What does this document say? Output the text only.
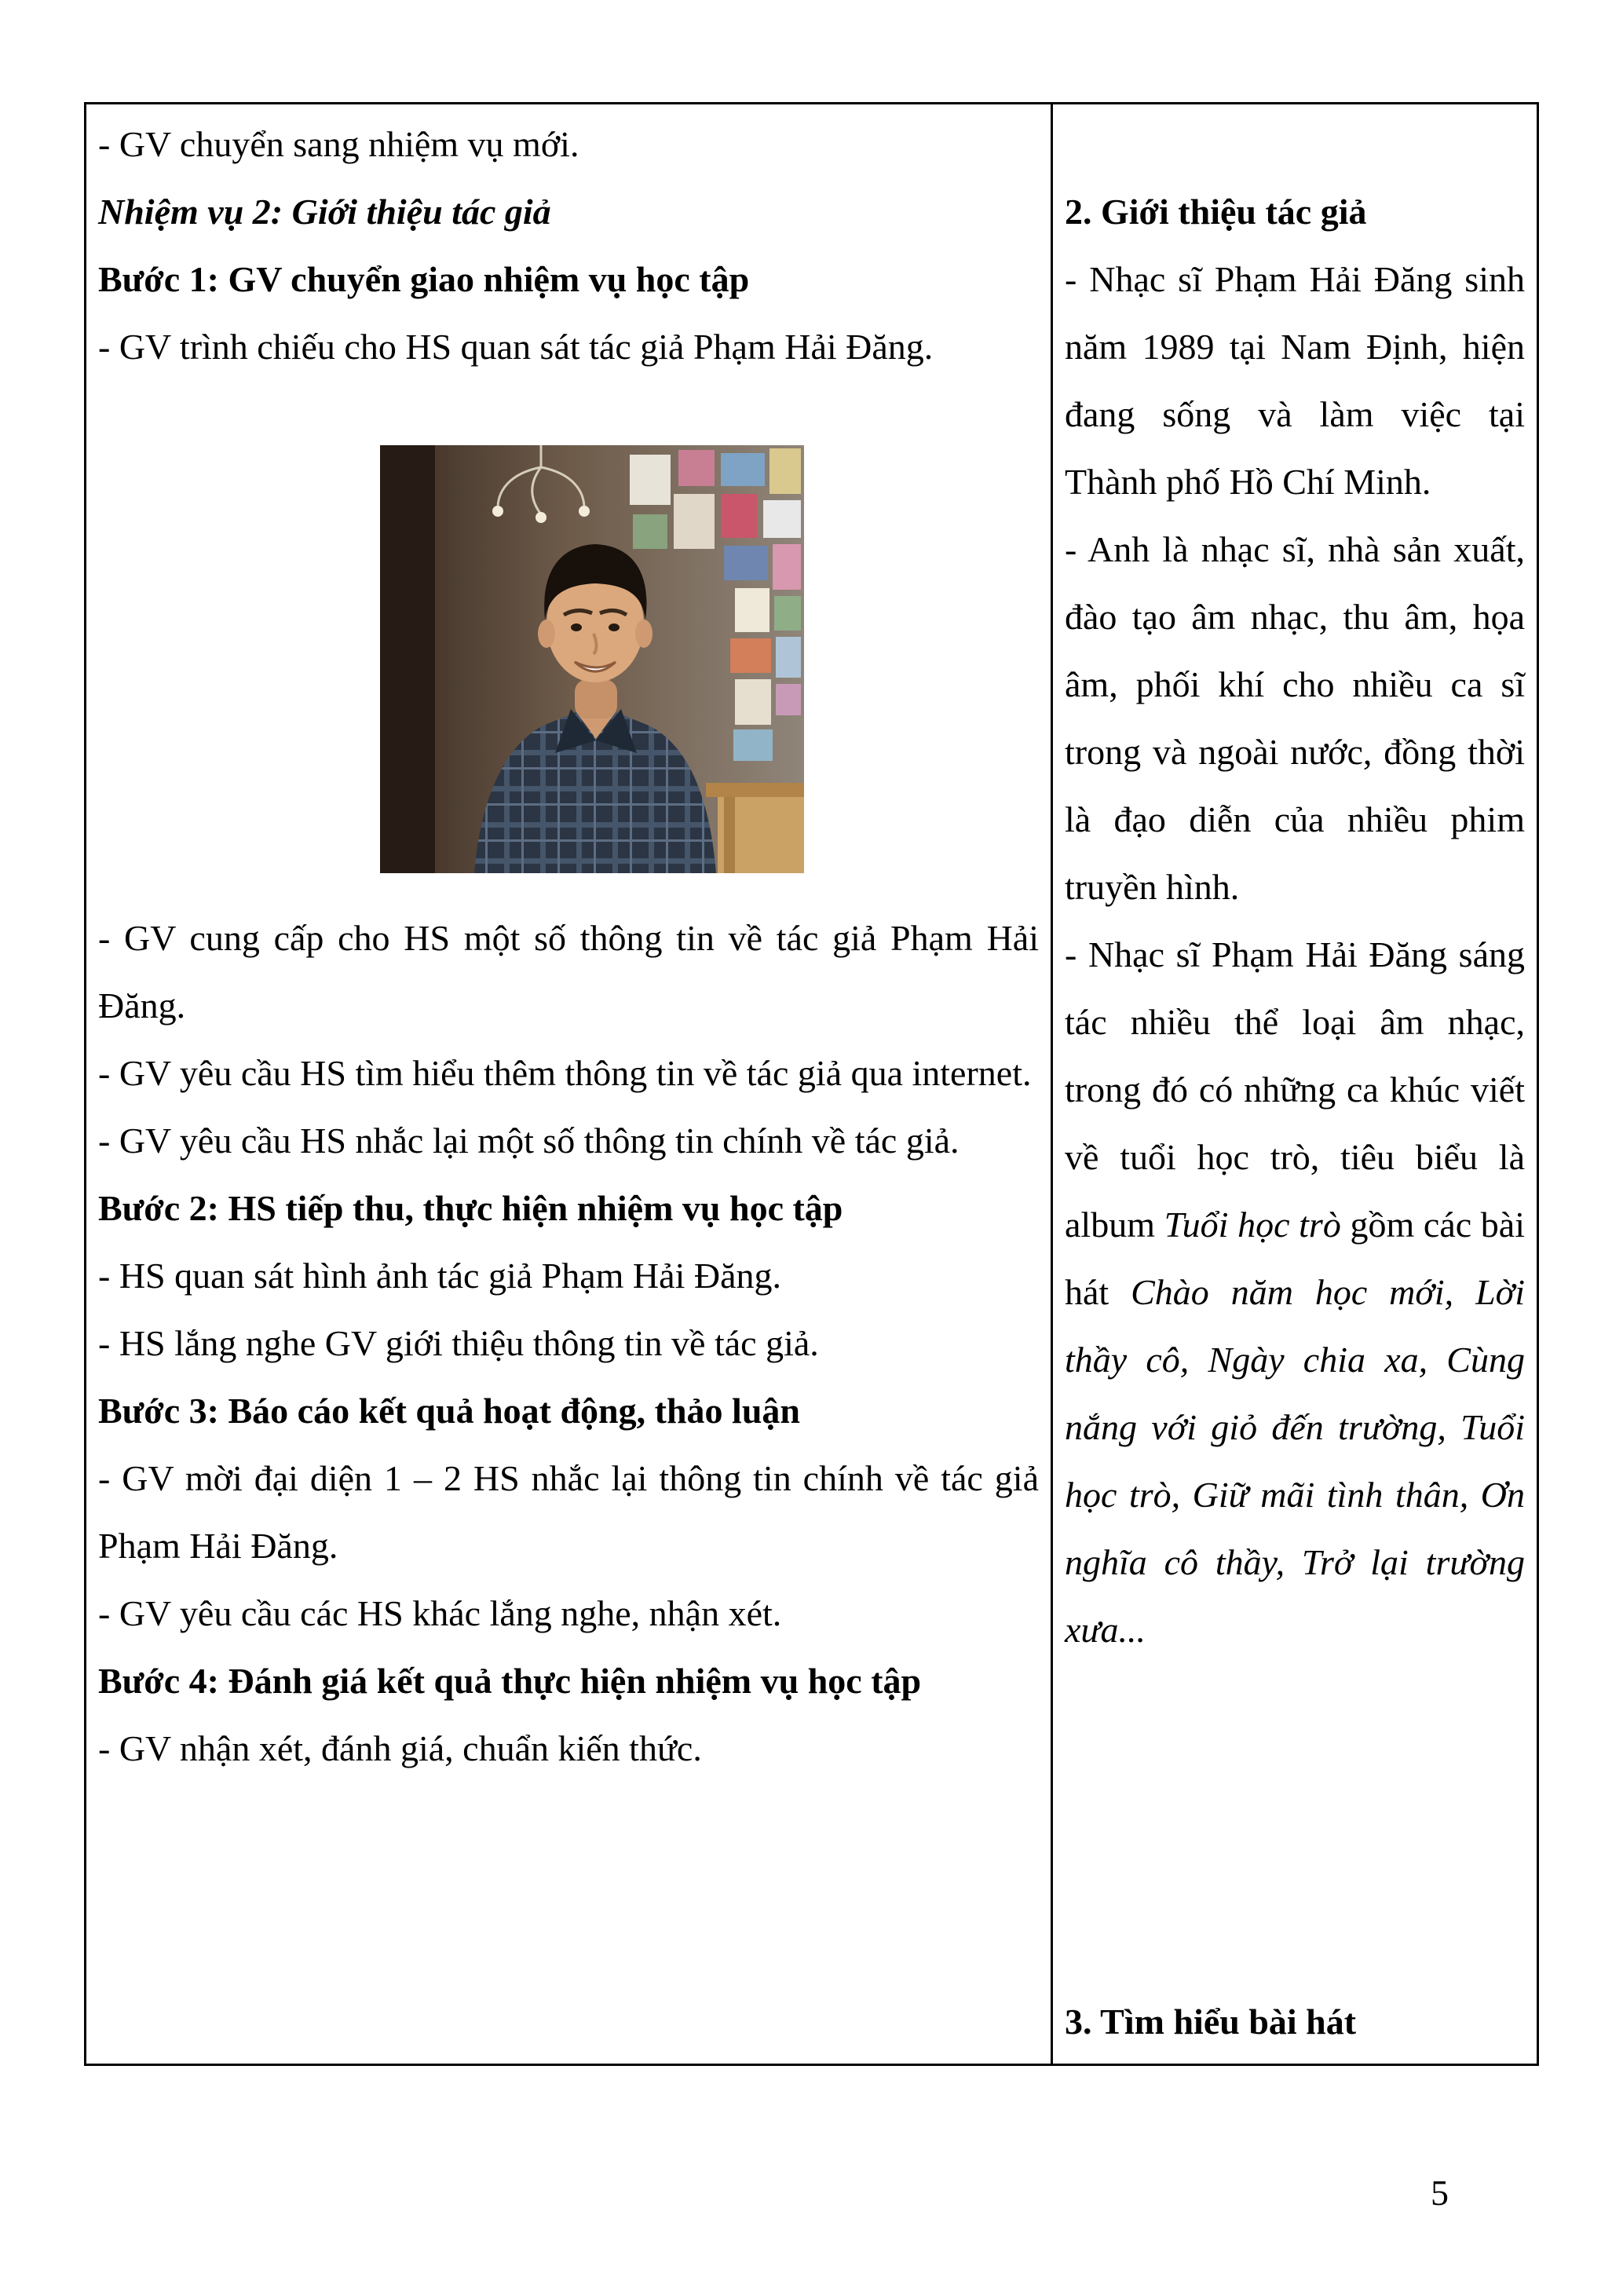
- GV chuyển sang nhiệm vụ mới.

Nhiệm vụ 2: Giới thiệu tác giả

Bước 1: GV chuyển giao nhiệm vụ học tập

- GV trình chiếu cho HS quan sát tác giả Phạm Hải Đăng.

- GV cung cấp cho HS một số thông tin về tác giả Phạm Hải Đăng.

- GV yêu cầu HS tìm hiểu thêm thông tin về tác giả qua internet.

- GV yêu cầu HS nhắc lại một số thông tin chính về tác giả.

Bước 2: HS tiếp thu, thực hiện nhiệm vụ học tập

- HS quan sát hình ảnh tác giả Phạm Hải Đăng.

- HS lắng nghe GV giới thiệu thông tin về tác giả.

Bước 3: Báo cáo kết quả hoạt động, thảo luận

- GV mời đại diện 1 – 2 HS nhắc lại thông tin chính về tác giả Phạm Hải Đăng.

- GV yêu cầu các HS khác lắng nghe, nhận xét.

Bước 4: Đánh giá kết quả thực hiện nhiệm vụ học tập

- GV nhận xét, đánh giá, chuẩn kiến thức.

2. Giới thiệu tác giả

- Nhạc sĩ Phạm Hải Đăng sinh năm 1989 tại Nam Định, hiện đang sống và làm việc tại Thành phố Hồ Chí Minh.

- Anh là nhạc sĩ, nhà sản xuất, đào tạo âm nhạc, thu âm, họa âm, phối khí cho nhiều ca sĩ trong và ngoài nước, đồng thời là đạo diễn của nhiều phim truyền hình.

- Nhạc sĩ Phạm Hải Đăng sáng tác nhiều thể loại âm nhạc, trong đó có những ca khúc viết về tuổi học trò, tiêu biểu là album Tuổi học trò gồm các bài hát Chào năm học mới, Lời thầy cô, Ngày chia xa, Cùng nắng với giỏ đến trường, Tuổi học trò, Giữ mãi tình thân, Ơn nghĩa cô thầy, Trở lại trường xưa...

3. Tìm hiểu bài hát

5
